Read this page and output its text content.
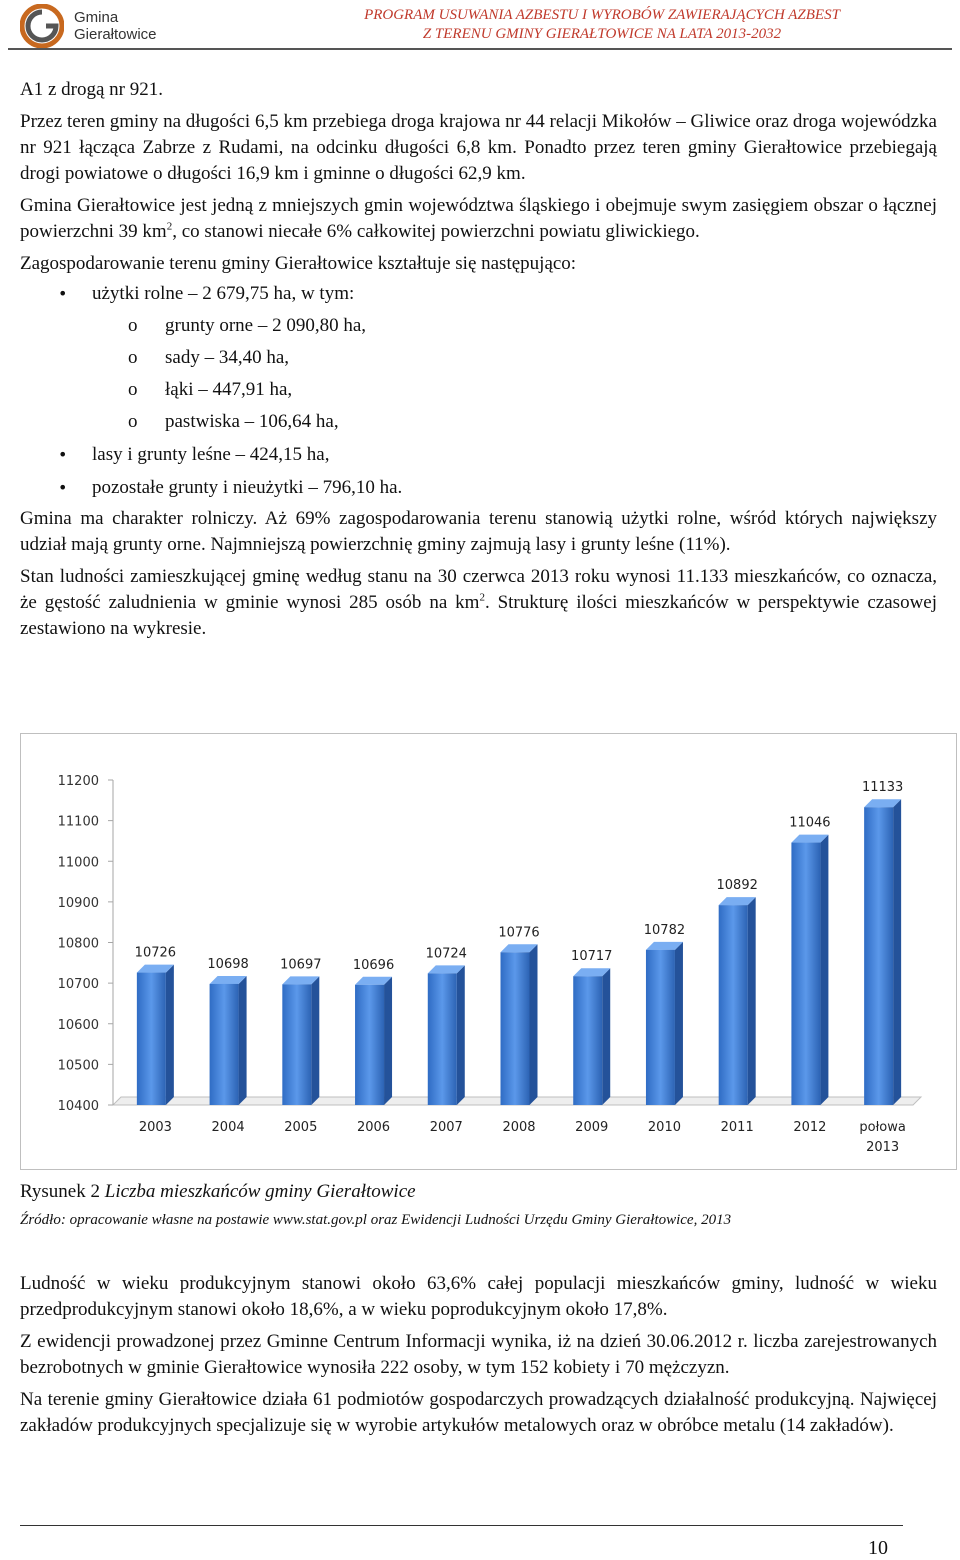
Gmina
Gierałtowice
PROGRAM USUWANIA AZBESTU I WYROBÓW ZAWIERAJĄCYCH AZBEST
Z TERENU GMINY GIERAŁTOWICE NA LATA 2013-2032

A1 z drogą nr 921.

Przez teren gminy na długości 6,5 km przebiega droga krajowa nr 44 relacji Mikołów – Gliwice oraz droga wojewódzka nr 921 łącząca Zabrze z Rudami, na odcinku długości 6,8 km. Ponadto przez teren gminy Gierałtowice przebiegają drogi powiatowe o długości 16,9 km i gminne o długości 62,9 km.

Gmina Gierałtowice jest jedną z mniejszych gmin województwa śląskiego i obejmuje swym zasięgiem obszar o łącznej powierzchni 39 $km^2$, co stanowi niecałe 6% całkowitej powierzchni powiatu gliwickiego.

Zagospodarowanie terenu gminy Gierałtowice kształtuje się następująco:

• użytki rolne – 2 679,75 ha, w tym:
o grunty orne – 2 090,80 ha,
o sady – 34,40 ha,
o łąki – 447,91 ha,
o pastwiska – 106,64 ha,
• lasy i grunty leśne – 424,15 ha,
• pozostałe grunty i nieużytki – 796,10 ha.

Gmina ma charakter rolniczy. Aż 69% zagospodarowania terenu stanowią użytki rolne, wśród których największy udział mają grunty orne. Najmniejszą powierzchnię gminy zajmują lasy i grunty leśne (11%).

Stan ludności zamieszkującej gminę według stanu na 30 czerwca 2013 roku wynosi 11.133 mieszkańców, co oznacza, że gęstość zaludnienia w gminie wynosi 285 osób na $km^2$. Strukturę ilości mieszkańców w perspektywie czasowej zestawiono na wykresie.

10400
10500
10600
10700
10800
10900
11000
11100
11200
10726
2003
10698
2004
10697
2005
10696
2006
10724
2007
10776
2008
10717
2009
10782
2010
10892
2011
11046
2012
11133
połowa
2013
Rysunek 2 Liczba mieszkańców gminy Gierałtowice
Źródło: opracowanie własne na postawie www.stat.gov.pl oraz Ewidencji Ludności Urzędu Gminy Gierałtowice, 2013

Ludność w wieku produkcyjnym stanowi około 63,6% całej populacji mieszkańców gminy, ludność w wieku przedprodukcyjnym stanowi około 18,6%, a w wieku poprodukcyjnym około 17,8%.

Z ewidencji prowadzonej przez Gminne Centrum Informacji wynika, iż na dzień 30.06.2012 r. liczba zarejestrowanych bezrobotnych w gminie Gierałtowice wynosiła 222 osoby, w tym 152 kobiety i 70 mężczyzn.

Na terenie gminy Gierałtowice działa 61 podmiotów gospodarczych prowadzących działalność produkcyjną. Najwięcej zakładów produkcyjnych specjalizuje się w wyrobie artykułów metalowych oraz w obróbce metalu (14 zakładów).

10
